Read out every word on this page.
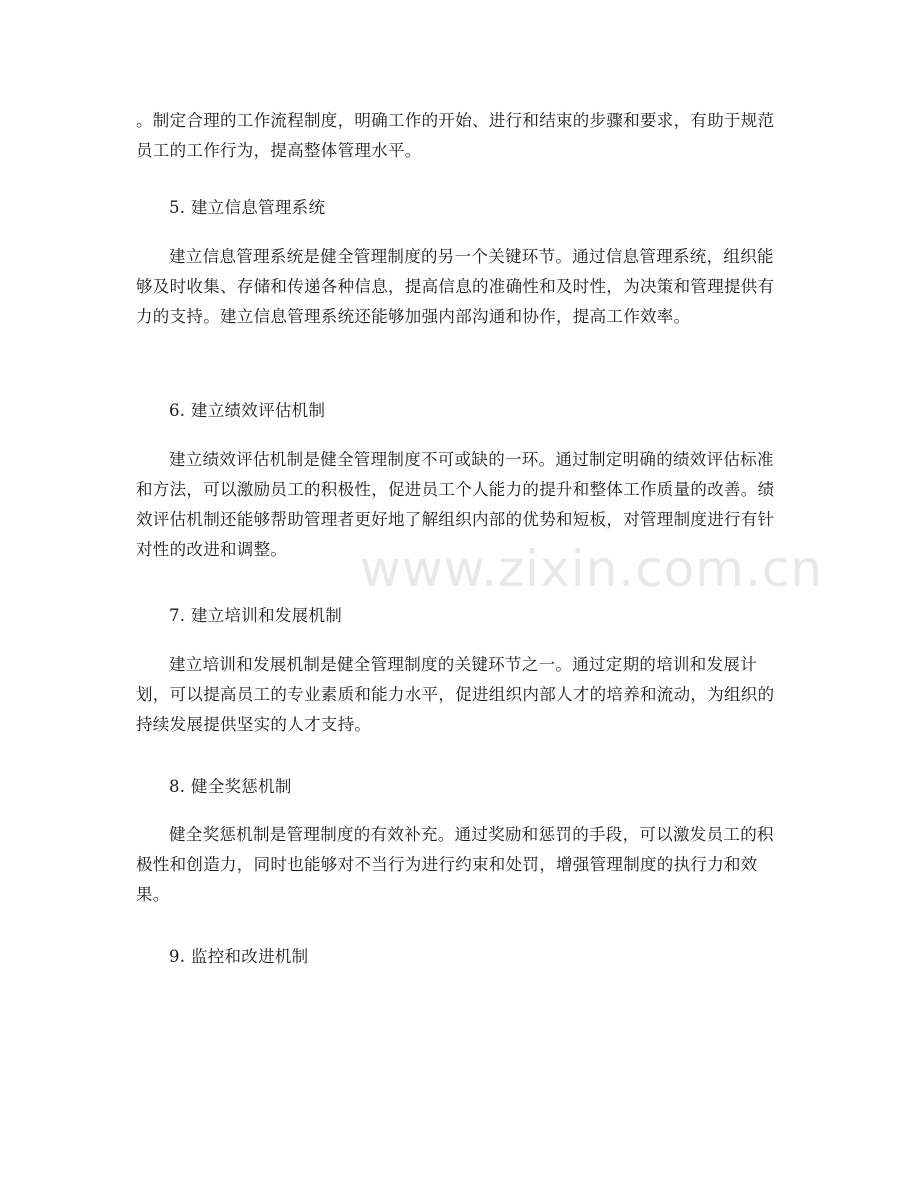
。制定合理的工作流程制度，明确工作的开始、进行和结束的步骤和要求，有助于规范员工的工作行为，提高整体管理水平。
5. 建立信息管理系统
建立信息管理系统是健全管理制度的另一个关键环节。通过信息管理系统，组织能够及时收集、存储和传递各种信息，提高信息的准确性和及时性，为决策和管理提供有力的支持。建立信息管理系统还能够加强内部沟通和协作，提高工作效率。
6. 建立绩效评估机制
建立绩效评估机制是健全管理制度不可或缺的一环。通过制定明确的绩效评估标准和方法，可以激励员工的积极性，促进员工个人能力的提升和整体工作质量的改善。绩效评估机制还能够帮助管理者更好地了解组织内部的优势和短板，对管理制度进行有针对性的改进和调整。
7. 建立培训和发展机制
建立培训和发展机制是健全管理制度的关键环节之一。通过定期的培训和发展计划，可以提高员工的专业素质和能力水平，促进组织内部人才的培养和流动，为组织的持续发展提供坚实的人才支持。
8. 健全奖惩机制
健全奖惩机制是管理制度的有效补充。通过奖励和惩罚的手段，可以激发员工的积极性和创造力，同时也能够对不当行为进行约束和处罚，增强管理制度的执行力和效果。
9. 监控和改进机制
www.zixin.com.cn
